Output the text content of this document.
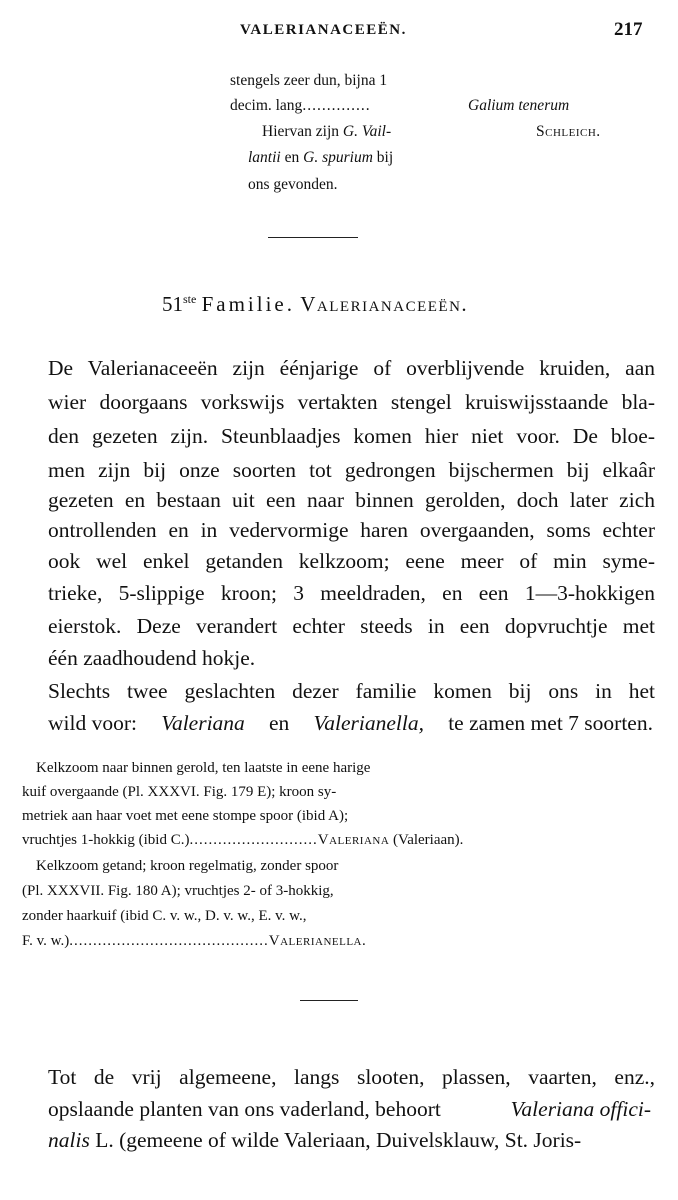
VALERIANACEEËN.	217
stengels zeer dun, bijna 1
decim. lang..............	Galium tenerum
Hiervan zijn G. Vail-	Schleich.
lantii en G. spurium bij
ons gevonden.
51ste Familie. Valerianaceeën.
De Valerianaceeën zijn éénjarige of overblijvende kruiden, aan
wier doorgaans vorkswijs vertakten stengel kruiswijsstaande bla-
den gezeten zijn. Steunblaadjes komen hier niet voor. De bloe-
men zijn bij onze soorten tot gedrongen bijschermen bij elkaâr
gezeten en bestaan uit een naar binnen gerolden, doch later zich
ontrollenden en in vedervormige haren overgaanden, soms echter
ook wel enkel getanden kelkzoom; eene meer of min syme-
trieke, 5-slippige kroon; 3 meeldraden, en een 1—3-hokkigen
eierstok. Deze verandert echter steeds in een dopvruchtje met
één zaadhoudend hokje.
Slechts twee geslachten dezer familie komen bij ons in het
wild voor: Valeriana en Valerianella, te zamen met 7 soorten.
Kelkzoom naar binnen gerold, ten laatste in eene harige
kuif overgaande (Pl. XXXVI. Fig. 179 E); kroon sy-
metriek aan haar voet met eene stompe spoor (ibid A);
vruchtjes 1-hokkig (ibid C.)...........................Valeriana (Valeriaan).
Kelkzoom getand; kroon regelmatig, zonder spoor
(Pl. XXXVII. Fig. 180 A); vruchtjes 2- of 3-hokkig,
zonder haarkuif (ibid C. v. w., D. v. w., E. v. w.,
F. v. w.)..........................................Valerianella.
Tot de vrij algemeene, langs slooten, plassen, vaarten, enz.,
opslaande planten van ons vaderland, behoort	Valeriana offici-
nalis L. (gemeene of wilde Valeriaan, Duivelsklauw, St. Joris-
